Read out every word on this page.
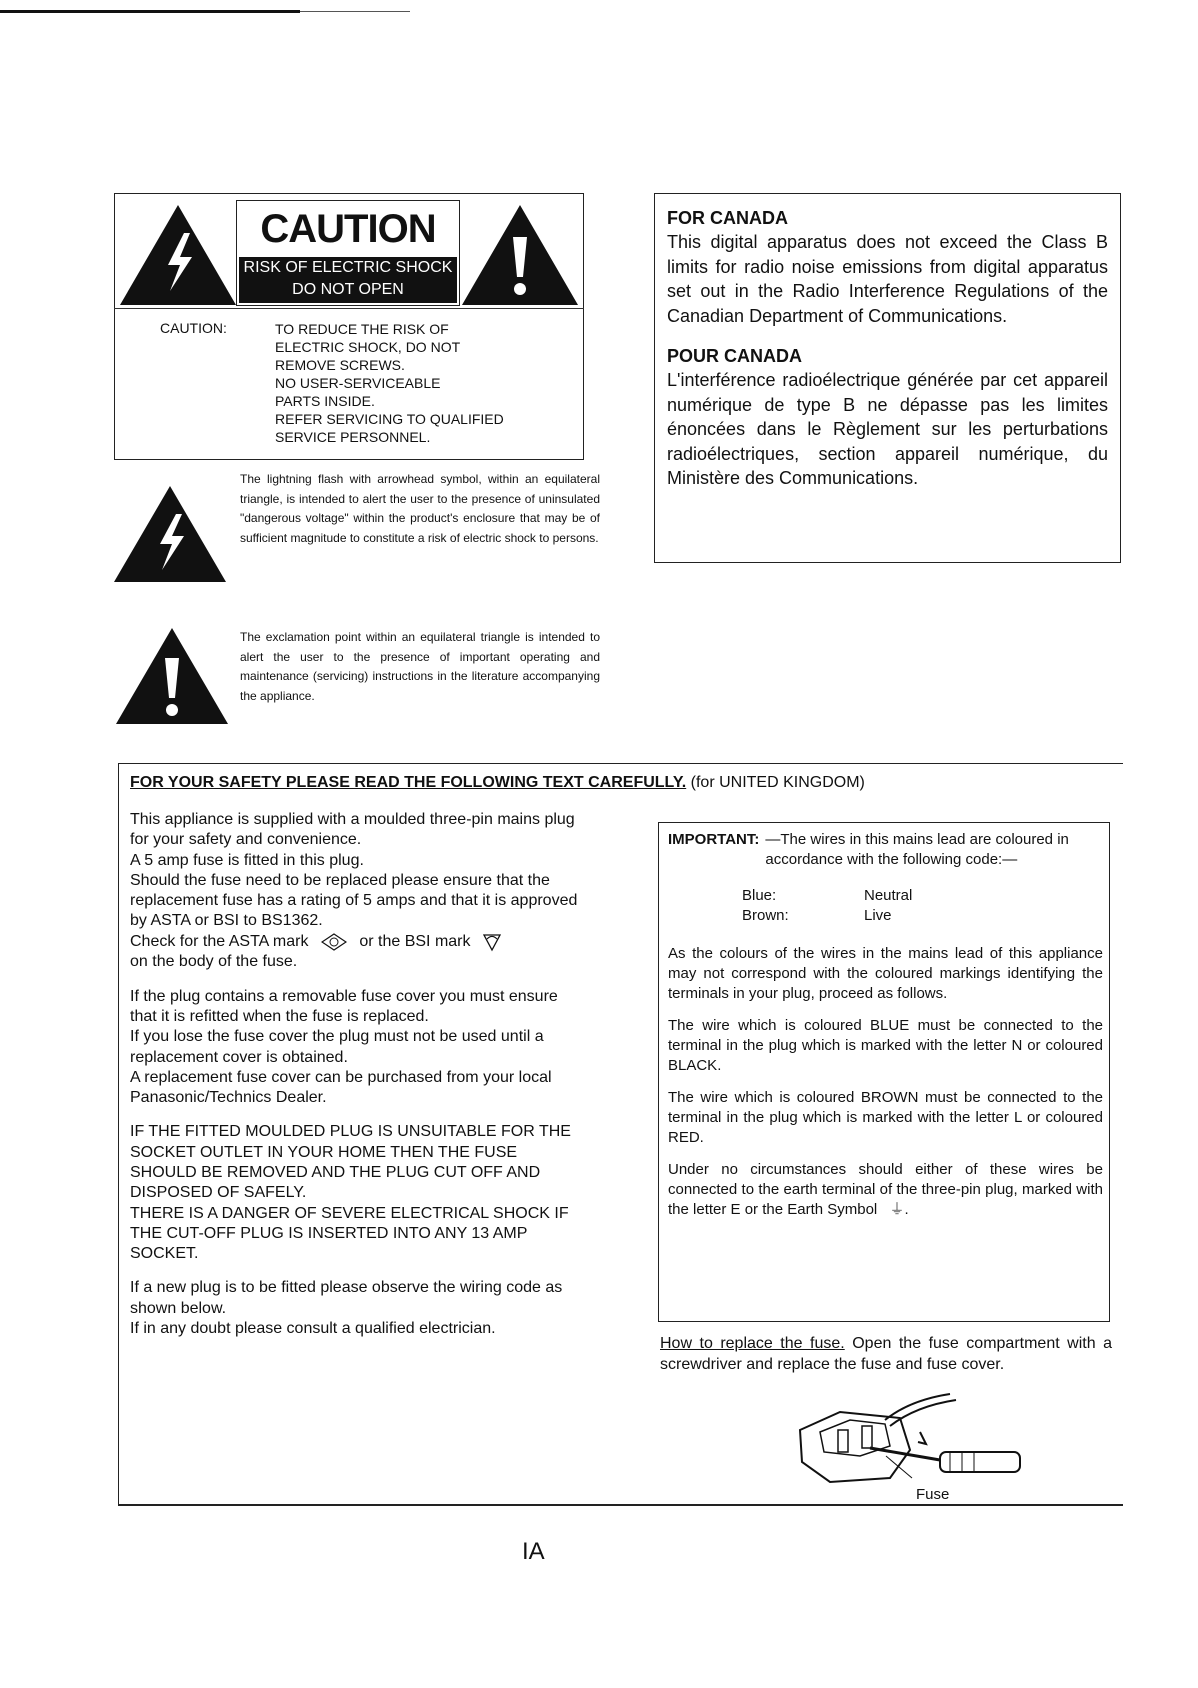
CAUTION
RISK OF ELECTRIC SHOCK
DO NOT OPEN
CAUTION:	TO REDUCE THE RISK OF
ELECTRIC SHOCK, DO NOT
REMOVE SCREWS.
NO USER-SERVICEABLE
PARTS INSIDE.
REFER SERVICING TO QUALIFIED
SERVICE PERSONNEL.
The lightning flash with arrowhead symbol, within an equilateral triangle, is intended to alert the user to the presence of uninsulated "dangerous voltage" within the product's enclosure that may be of sufficient magnitude to constitute a risk of electric shock to persons.
The exclamation point within an equilateral triangle is intended to alert the user to the presence of important operating and maintenance (servicing) instructions in the literature accompanying the appliance.
FOR CANADA

This digital apparatus does not exceed the Class B limits for radio noise emissions from digital apparatus set out in the Radio Interference Regulations of the Canadian Department of Communications.

POUR CANADA

L'interférence radioélectrique générée par cet appareil numérique de type B ne dépasse pas les limites énoncées dans le Règlement sur les perturbations radioélectriques, section appareil numérique, du Ministère des Communications.

FOR YOUR SAFETY PLEASE READ THE FOLLOWING TEXT CAREFULLY. (for UNITED KINGDOM)

This appliance is supplied with a moulded three-pin mains plug for your safety and convenience.
A 5 amp fuse is fitted in this plug.
Should the fuse need to be replaced please ensure that the replacement fuse has a rating of 5 amps and that it is approved by ASTA or BSI to BS1362.
Check for the ASTA mark	or the BSI mark
on the body of the fuse.

If the plug contains a removable fuse cover you must ensure that it is refitted when the fuse is replaced.
If you lose the fuse cover the plug must not be used until a replacement cover is obtained.
A replacement fuse cover can be purchased from your local Panasonic/Technics Dealer.

IF THE FITTED MOULDED PLUG IS UNSUITABLE FOR THE SOCKET OUTLET IN YOUR HOME THEN THE FUSE SHOULD BE REMOVED AND THE PLUG CUT OFF AND DISPOSED OF SAFELY.
THERE IS A DANGER OF SEVERE ELECTRICAL SHOCK IF THE CUT-OFF PLUG IS INSERTED INTO ANY 13 AMP SOCKET.

If a new plug is to be fitted please observe the wiring code as shown below.
If in any doubt please consult a qualified electrician.

IMPORTANT: —The wires in this mains lead are coloured in accordance with the following code:—
Blue:	Neutral
Brown:	Live

As the colours of the wires in the mains lead of this appliance may not correspond with the coloured markings identifying the terminals in your plug, proceed as follows.

The wire which is coloured BLUE must be connected to the terminal in the plug which is marked with the letter N or coloured BLACK.

The wire which is coloured BROWN must be connected to the terminal in the plug which is marked with the letter L or coloured RED.

Under no circumstances should either of these wires be connected to the earth terminal of the three-pin plug, marked with the letter E or the Earth Symbol ⏚.

How to replace the fuse. Open the fuse compartment with a screwdriver and replace the fuse and fuse cover.
Fuse
IA
